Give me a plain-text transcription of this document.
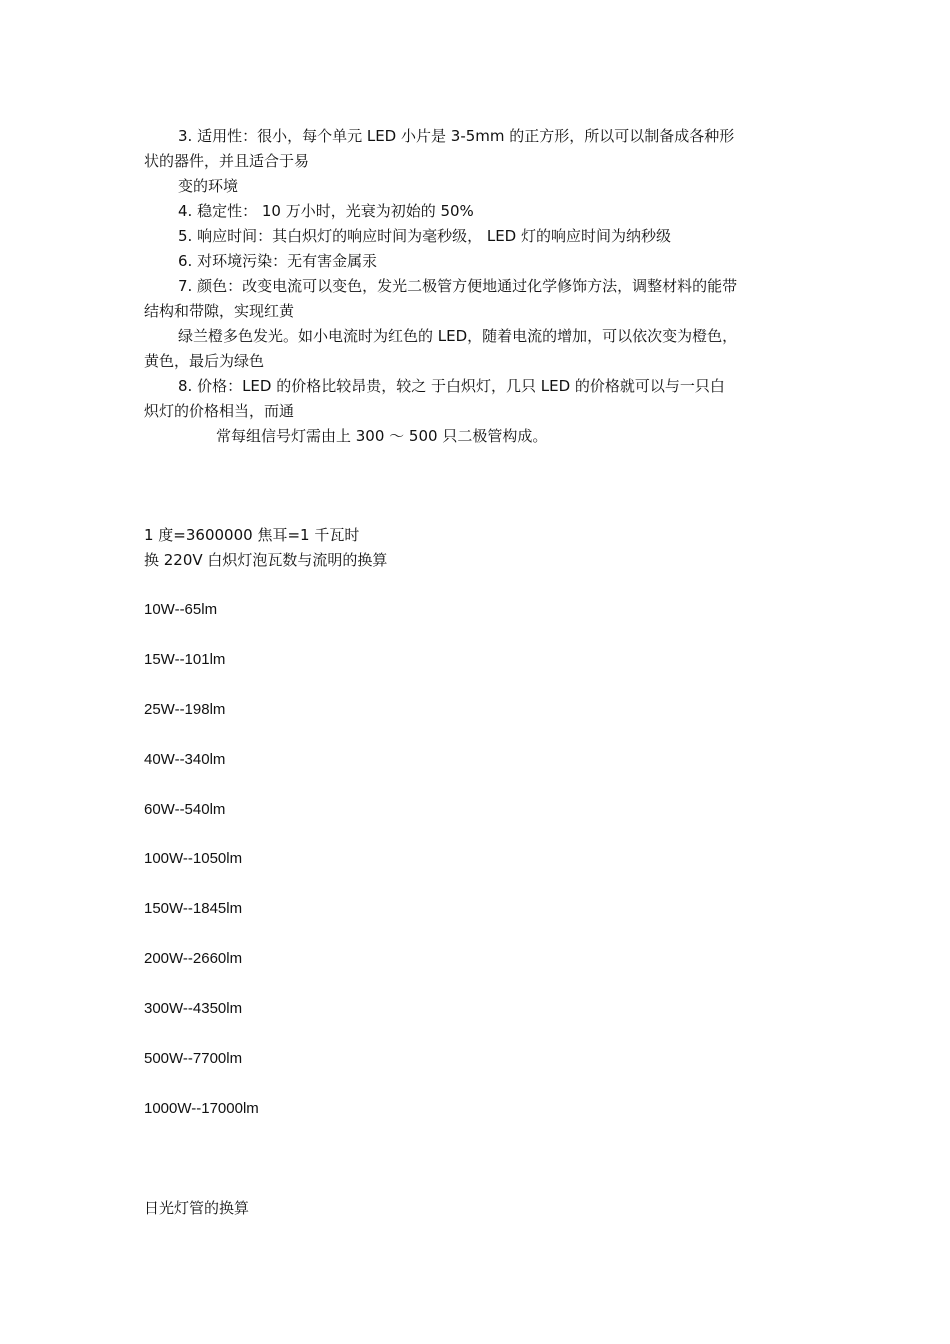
3. 适用性：很小，每个单元 LED 小片是 3-5mm 的正方形，所以可以制备成各种形
状的器件，并且适合于易
变的环境
4. 稳定性： 10 万小时，光衰为初始的 50%
5. 响应时间：其白炽灯的响应时间为毫秒级， LED 灯的响应时间为纳秒级
6. 对环境污染：无有害金属汞
7. 颜色：改变电流可以变色，发光二极管方便地通过化学修饰方法，调整材料的能带
结构和带隙，实现红黄
绿兰橙多色发光。如小电流时为红色的 LED，随着电流的增加，可以依次变为橙色，
黄色，最后为绿色
8. 价格：LED 的价格比较昂贵，较之 于白炽灯，几只 LED 的价格就可以与一只白
炽灯的价格相当，而通
常每组信号灯需由上 300 ～ 500 只二极管构成。
1 度=3600000 焦耳=1 千瓦时
换 220V 白炽灯泡瓦数与流明的换算
10W--65lm
15W--101lm
25W--198lm
40W--340lm
60W--540lm
100W--1050lm
150W--1845lm
200W--2660lm
300W--4350lm
500W--7700lm
1000W--17000lm
日光灯管的换算
